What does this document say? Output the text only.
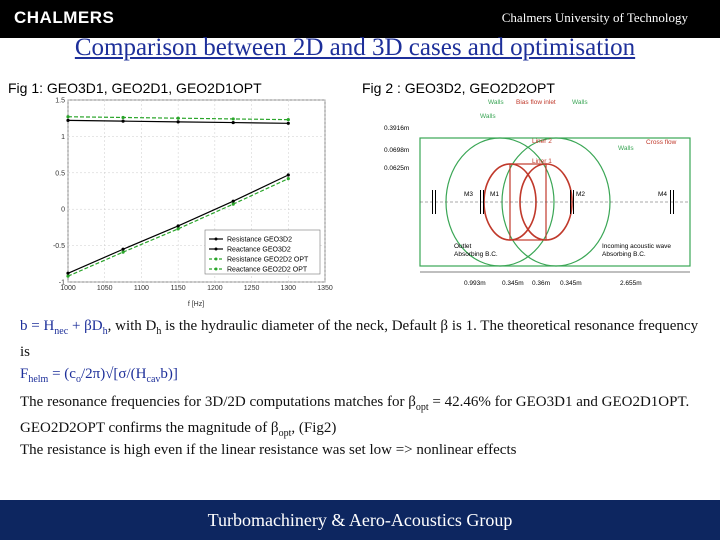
CHALMERS	Chalmers University of Technology
Comparison between 2D and 3D cases and optimisation
Fig 1: GEO3D1, GEO2D1, GEO2D1OPT	Fig 2 : GEO3D2, GEO2D2OPT
1000	1050	1100	1150	1200	1250	1300	1350
-1
-0.5
0
0.5
1
1.5
f [Hz]
Resistance GEO3D2
Reactance GEO3D2
Resistance GEO2D2 OPT
Reactance GEO2D2 OPT
M3	M1	M2	M4
Walls Bias flow inlet	Walls
Walls
Liner 2
Liner 1
Walls
Cross flow
Outlet
Absorbing B.C.
Incoming acoustic wave
Absorbing B.C.
0.3916m
0.0698m
0.0625m
0.993m	0.345m 0.36m 0.345m	2.655m
$b = H_{nec} + \beta D_h$, with $D_h$ is the hydraulic diameter of the neck, Default β is 1. The theoretical resonance frequency is
$F_{helm} = (c_o/2\pi)√[\sigma/(H_{cav}b)]$
The resonance frequencies for 3D/2D computations matches for $\beta_{opt} = 42.46\%$ for GEO3D1 and GEO2D1OPT. GEO2D2OPT confirms the magnitude of $\beta_{opt}$, (Fig2)
The resistance is high even if the linear resistance was set low => nonlinear effects
Turbomachinery & Aero-Acoustics Group
